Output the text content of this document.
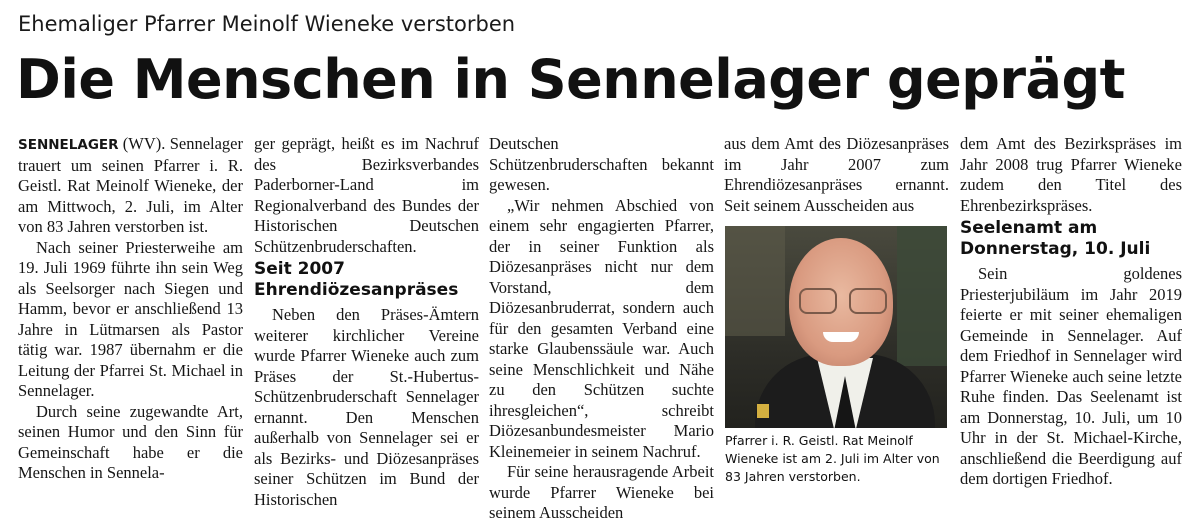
Ehemaliger Pfarrer Meinolf Wieneke verstorben
Die Menschen in Sennelager geprägt

SENNELAGER (WV). Sennelager trauert um seinen Pfarrer i. R. Geistl. Rat Meinolf Wieneke, der am Mittwoch, 2. Juli, im Alter von 83 Jahren verstorben ist.

Nach seiner Priesterweihe am 19. Juli 1969 führte ihn sein Weg als Seelsorger nach Siegen und Hamm, bevor er anschließend 13 Jahre in Lütmarsen als Pastor tätig war. 1987 übernahm er die Leitung der Pfarrei St. Michael in Sennelager.

Durch seine zugewandte Art, seinen Humor und den Sinn für Gemeinschaft habe er die Menschen in Sennela-

ger geprägt, heißt es im Nachruf des Bezirksverbandes Paderborner-Land im Regionalverband des Bundes der Historischen Deutschen Schützenbruderschaften.

Seit 2007 Ehrendiözesanpräses

Neben den Präses-Ämtern weiterer kirchlicher Vereine wurde Pfarrer Wieneke auch zum Präses der St.-Hubertus-Schützenbruderschaft Sennelager ernannt. Den Menschen außerhalb von Sennelager sei er als Bezirks- und Diözesanpräses seiner Schützen im Bund der Historischen

Deutschen Schützenbruderschaften bekannt gewesen.

„Wir nehmen Abschied von einem sehr engagierten Pfarrer, der in seiner Funktion als Diözesanpräses nicht nur dem Vorstand, dem Diözesanbruderrat, sondern auch für den gesamten Verband eine starke Glaubenssäule war. Auch seine Menschlichkeit und Nähe zu den Schützen suchte ihresgleichen“, schreibt Diözesanbundesmeister Mario Kleinemeier in seinem Nachruf.

Für seine herausragende Arbeit wurde Pfarrer Wieneke bei seinem Ausscheiden

aus dem Amt des Diözesanpräses im Jahr 2007 zum Ehrendiözesanpräses ernannt. Seit seinem Ausscheiden aus

Pfarrer i. R. Geistl. Rat Meinolf Wieneke ist am 2. Juli im Alter von 83 Jahren verstorben.

dem Amt des Bezirkspräses im Jahr 2008 trug Pfarrer Wieneke zudem den Titel des Ehrenbezirkspräses.

Seelenamt am Donnerstag, 10. Juli

Sein goldenes Priesterjubiläum im Jahr 2019 feierte er mit seiner ehemaligen Gemeinde in Sennelager. Auf dem Friedhof in Sennelager wird Pfarrer Wieneke auch seine letzte Ruhe finden. Das Seelenamt ist am Donnerstag, 10. Juli, um 10 Uhr in der St. Michael-Kirche, anschließend die Beerdigung auf dem dortigen Friedhof.
